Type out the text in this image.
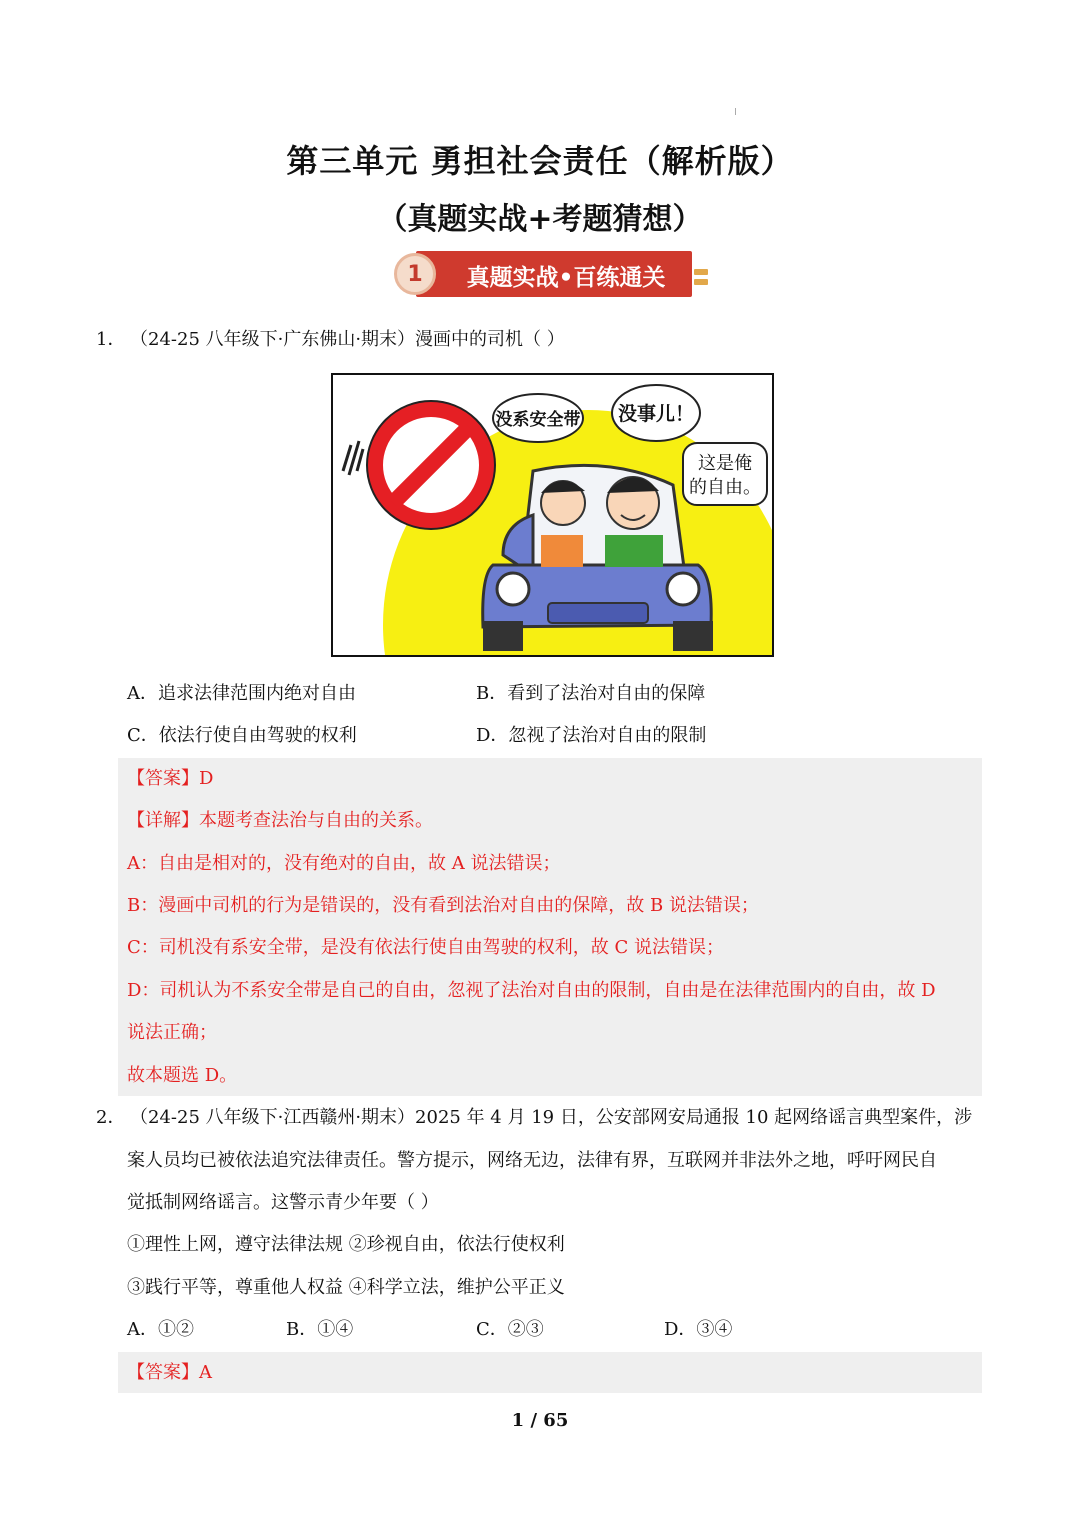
第三单元 勇担社会责任（解析版）
（真题实战+考题猜想）
1	真题实战•百练通关
1． （24-25 八年级下·广东佛山·期末）漫画中的司机（ ）
没系安全带 没事儿！
这是俺
的自由。
A．追求法律范围内绝对自由	B．看到了法治对自由的保障
C．依法行使自由驾驶的权利	D．忽视了法治对自由的限制
【答案】D
【详解】本题考查法治与自由的关系。
A：自由是相对的，没有绝对的自由，故 A 说法错误；
B：漫画中司机的行为是错误的，没有看到法治对自由的保障，故 B 说法错误；
C：司机没有系安全带，是没有依法行使自由驾驶的权利，故 C 说法错误；
D：司机认为不系安全带是自己的自由，忽视了法治对自由的限制，自由是在法律范围内的自由，故 D
说法正确；
故本题选 D。
2． （24-25 八年级下·江西赣州·期末）2025 年 4 月 19 日，公安部网安局通报 10 起网络谣言典型案件，涉
案人员均已被依法追究法律责任。警方提示，网络无边，法律有界，互联网并非法外之地，呼吁网民自
觉抵制网络谣言。这警示青少年要（ ）
①理性上网，遵守法律法规 ②珍视自由，依法行使权利
③践行平等，尊重他人权益 ④科学立法，维护公平正义
A．①②	B．①④	C．②③	D．③④
【答案】A
1 / 65
